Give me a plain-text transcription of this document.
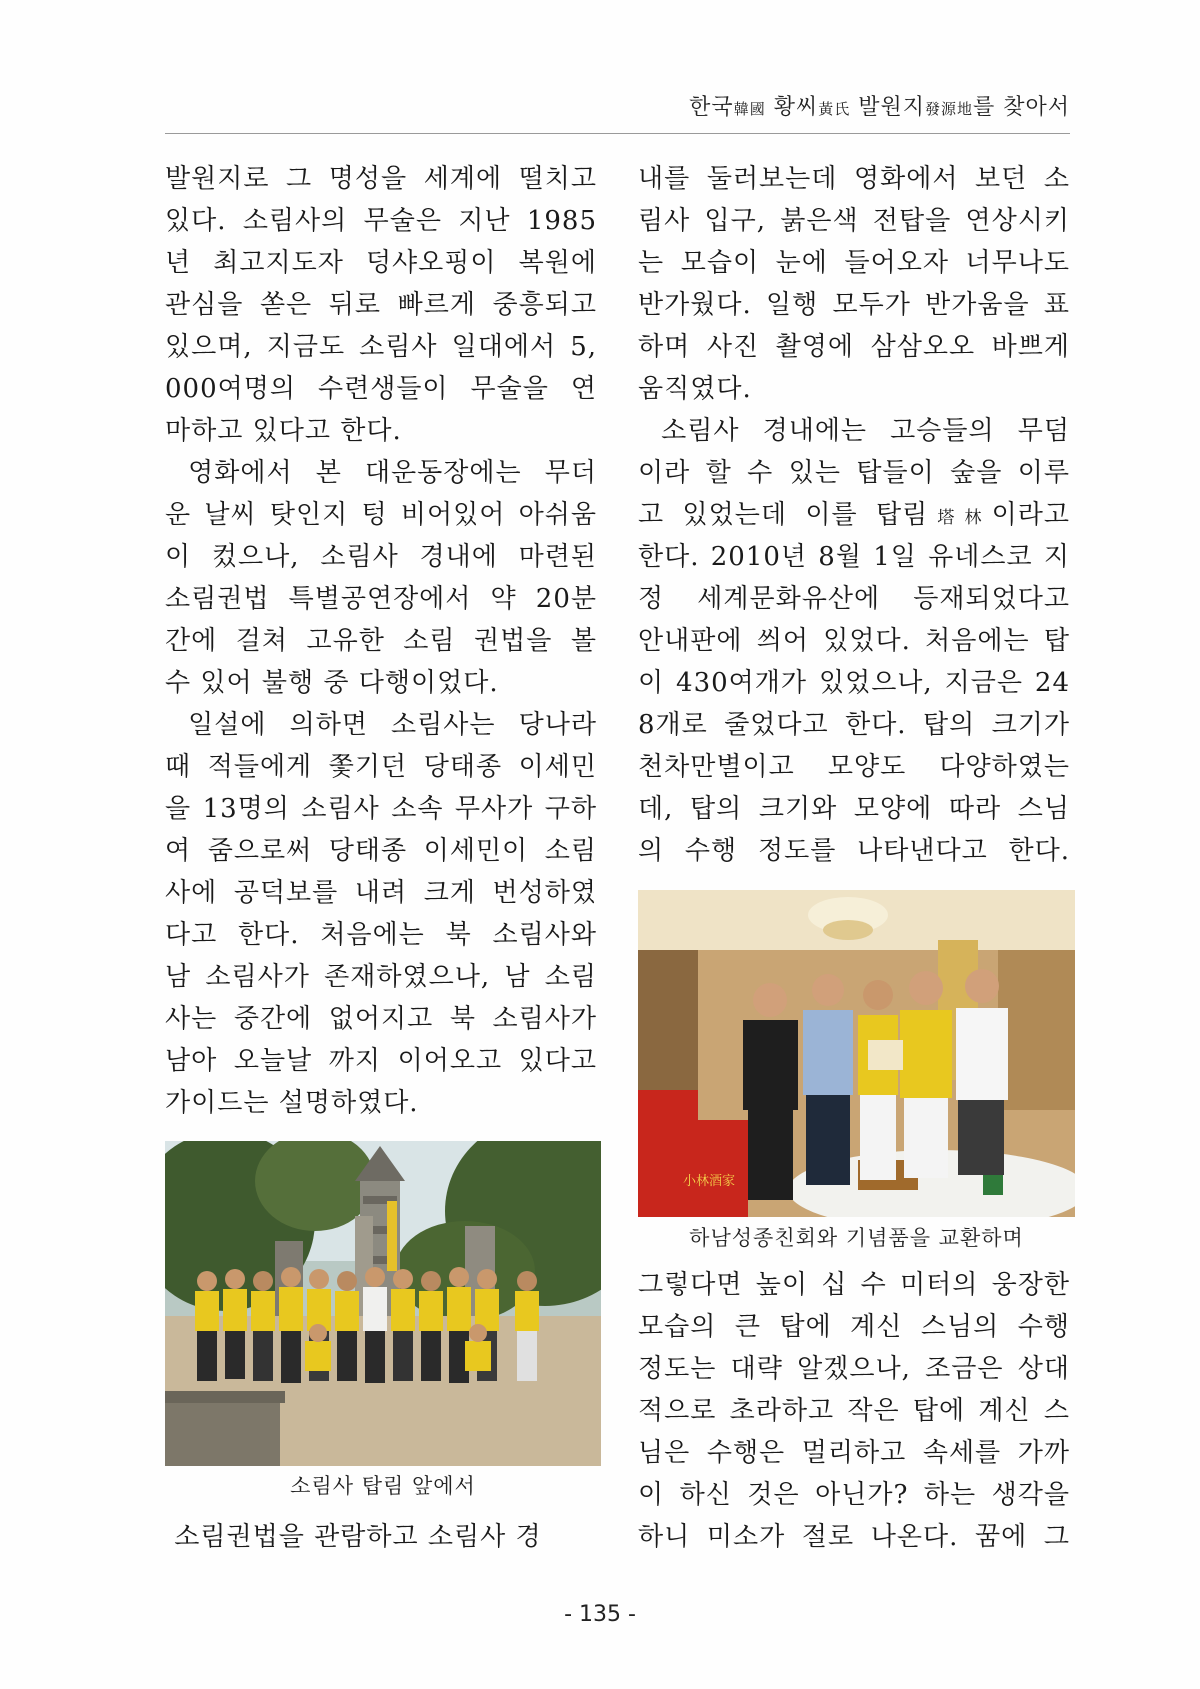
한국韓國 황씨黃氏 발원지發源地를 찾아서
발원지로 그 명성을 세계에 떨치고
있다. 소림사의 무술은 지난 1985
년 최고지도자 덩샤오핑이 복원에
관심을 쏟은 뒤로 빠르게 중흥되고
있으며, 지금도 소림사 일대에서 5,
000여명의 수련생들이 무술을 연
마하고 있다고 한다.
영화에서 본 대운동장에는 무더
운 날씨 탓인지 텅 비어있어 아쉬움
이 컸으나, 소림사 경내에 마련된
소림권법 특별공연장에서 약 20분
간에 걸쳐 고유한 소림 권법을 볼
수 있어 불행 중 다행이었다.
일설에 의하면 소림사는 당나라
때 적들에게 쫓기던 당태종 이세민
을 13명의 소림사 소속 무사가 구하
여 줌으로써 당태종 이세민이 소림
사에 공덕보를 내려 크게 번성하였
다고 한다. 처음에는 북 소림사와
남 소림사가 존재하였으나, 남 소림
사는 중간에 없어지고 북 소림사가
남아 오늘날 까지 이어오고 있다고
가이드는 설명하였다.
소림사 탑림 앞에서
소림권법을 관람하고 소림사 경
내를 둘러보는데 영화에서 보던 소
림사 입구, 붉은색 전탑을 연상시키
는 모습이 눈에 들어오자 너무나도
반가웠다. 일행 모두가 반가움을 표
하며 사진 촬영에 삼삼오오 바쁘게
움직였다.
소림사 경내에는 고승들의 무덤
이라 할 수 있는 탑들이 숲을 이루
고 있었는데 이를 탑림塔林이라고
한다. 2010년 8월 1일 유네스코 지
정 세계문화유산에 등재되었다고
안내판에 씌어 있었다. 처음에는 탑
이 430여개가 있었으나, 지금은 24
8개로 줄었다고 한다. 탑의 크기가
천차만별이고 모양도 다양하였는
데, 탑의 크기와 모양에 따라 스님
의 수행 정도를 나타낸다고 한다.
小林酒家
하남성종친회와 기념품을 교환하며
그렇다면 높이 십 수 미터의 웅장한
모습의 큰 탑에 계신 스님의 수행
정도는 대략 알겠으나, 조금은 상대
적으로 초라하고 작은 탑에 계신 스
님은 수행은 멀리하고 속세를 가까
이 하신 것은 아닌가? 하는 생각을
하니 미소가 절로 나온다. 꿈에 그
- 135 -
